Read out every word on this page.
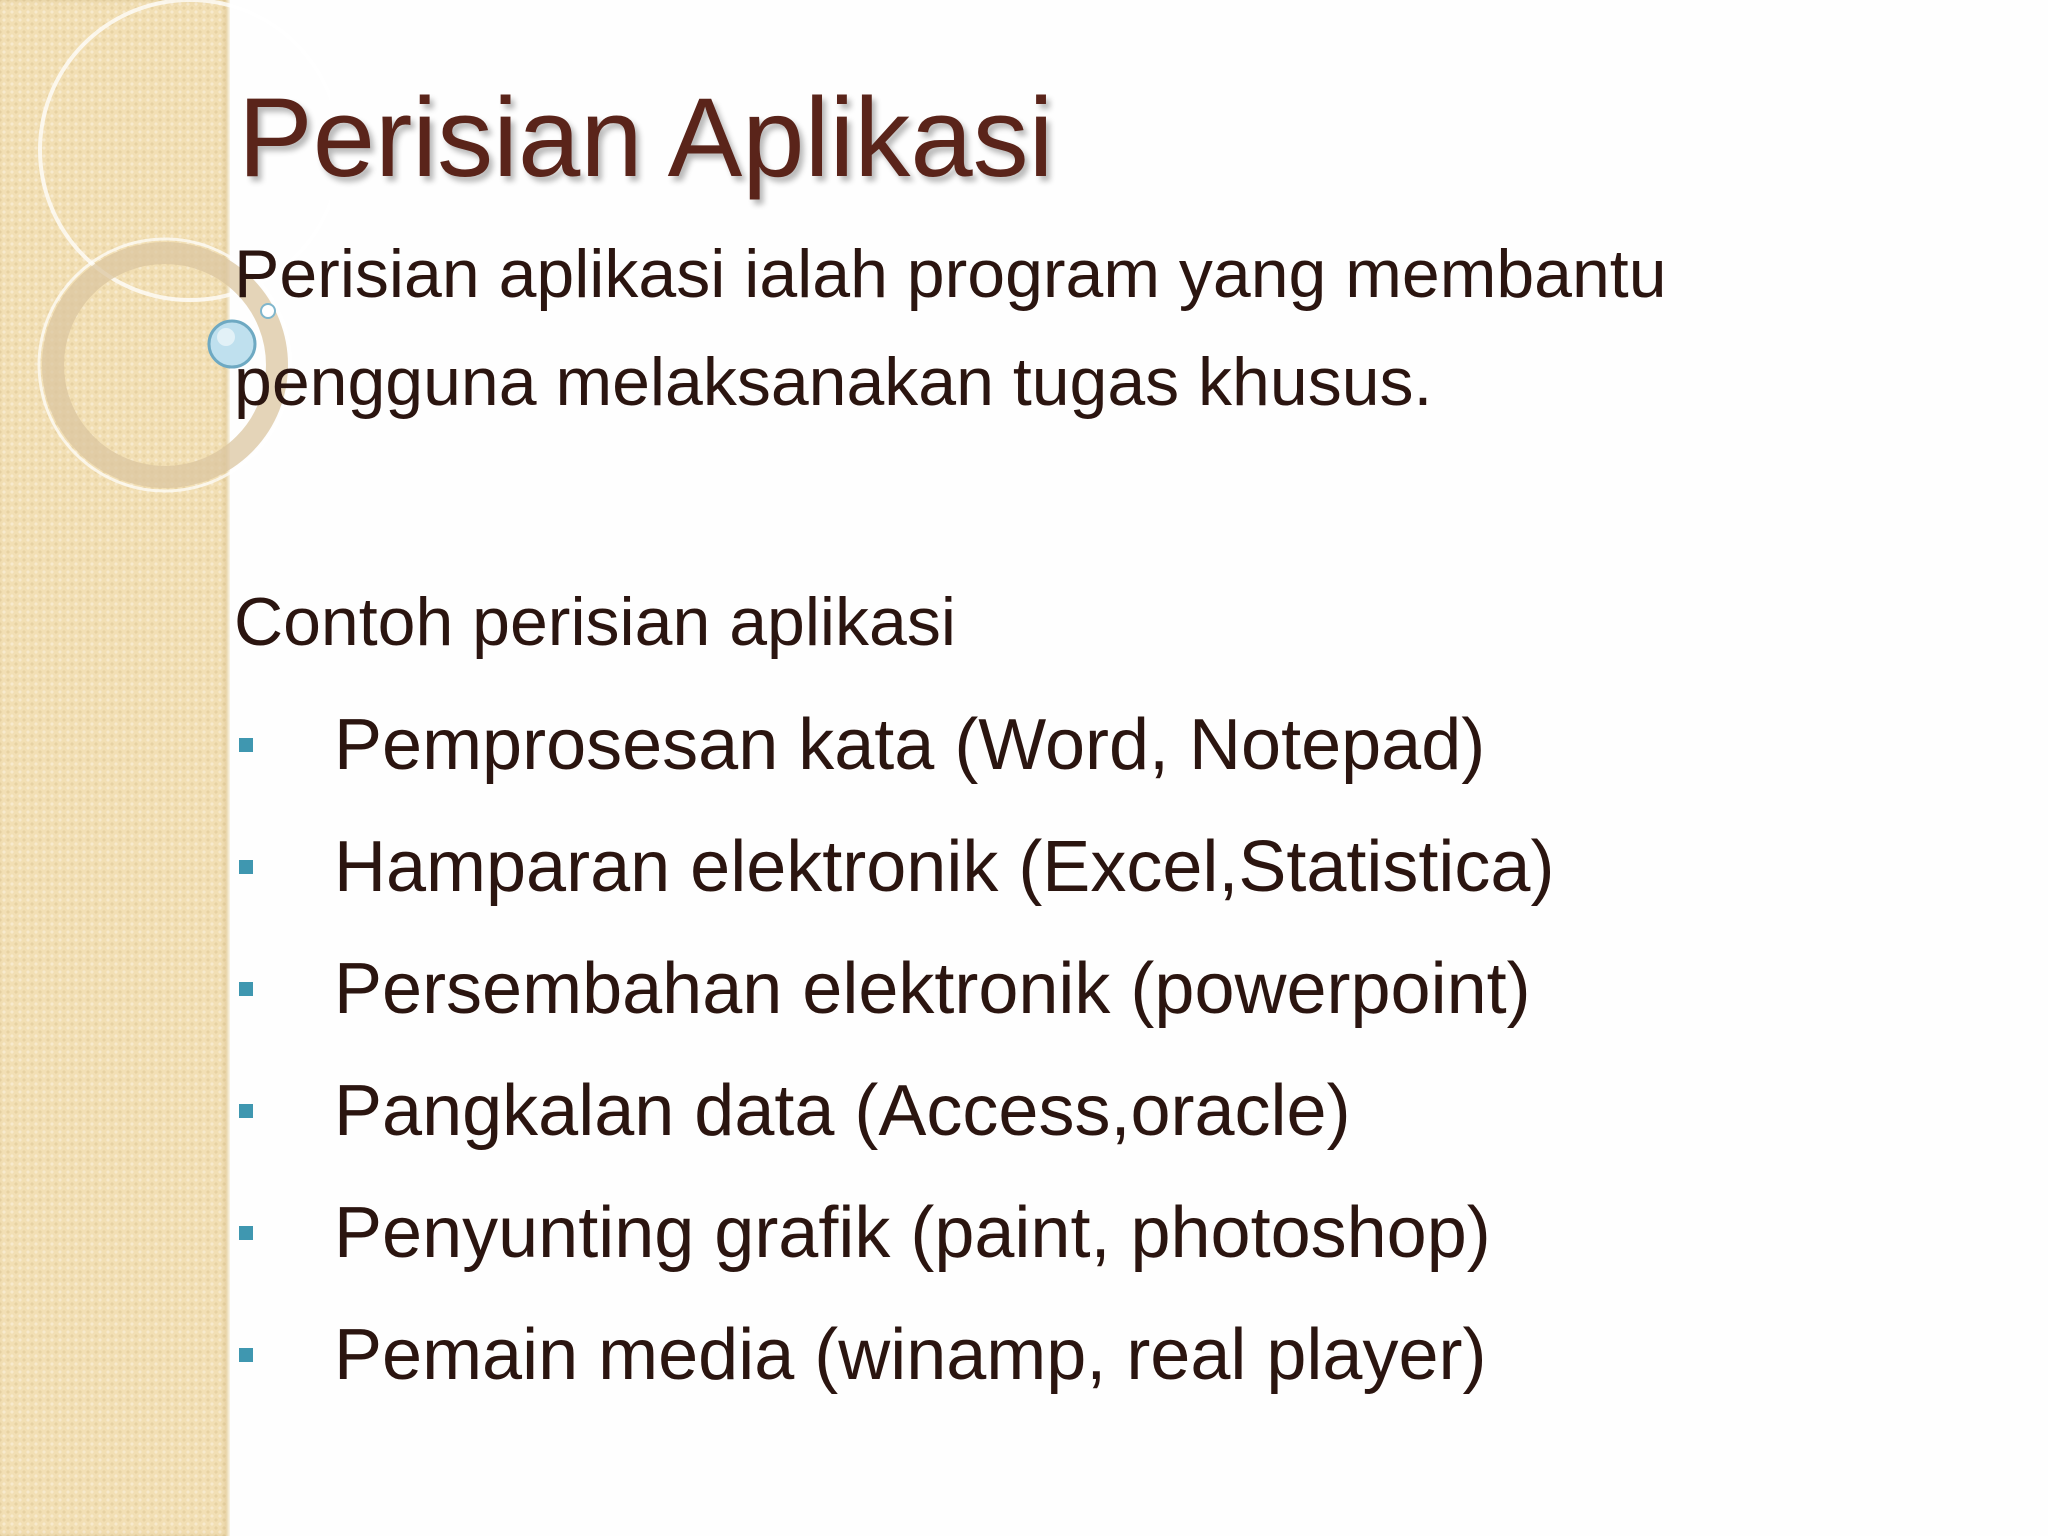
Perisian Aplikasi
Perisian aplikasi ialah program yang membantu
pengguna melaksanakan tugas khusus.
Contoh perisian aplikasi
Pemprosesan kata (Word, Notepad)
Hamparan elektronik (Excel,Statistica)
Persembahan elektronik (powerpoint)
Pangkalan data (Access,oracle)
Penyunting grafik (paint, photoshop)
Pemain media (winamp, real player)
